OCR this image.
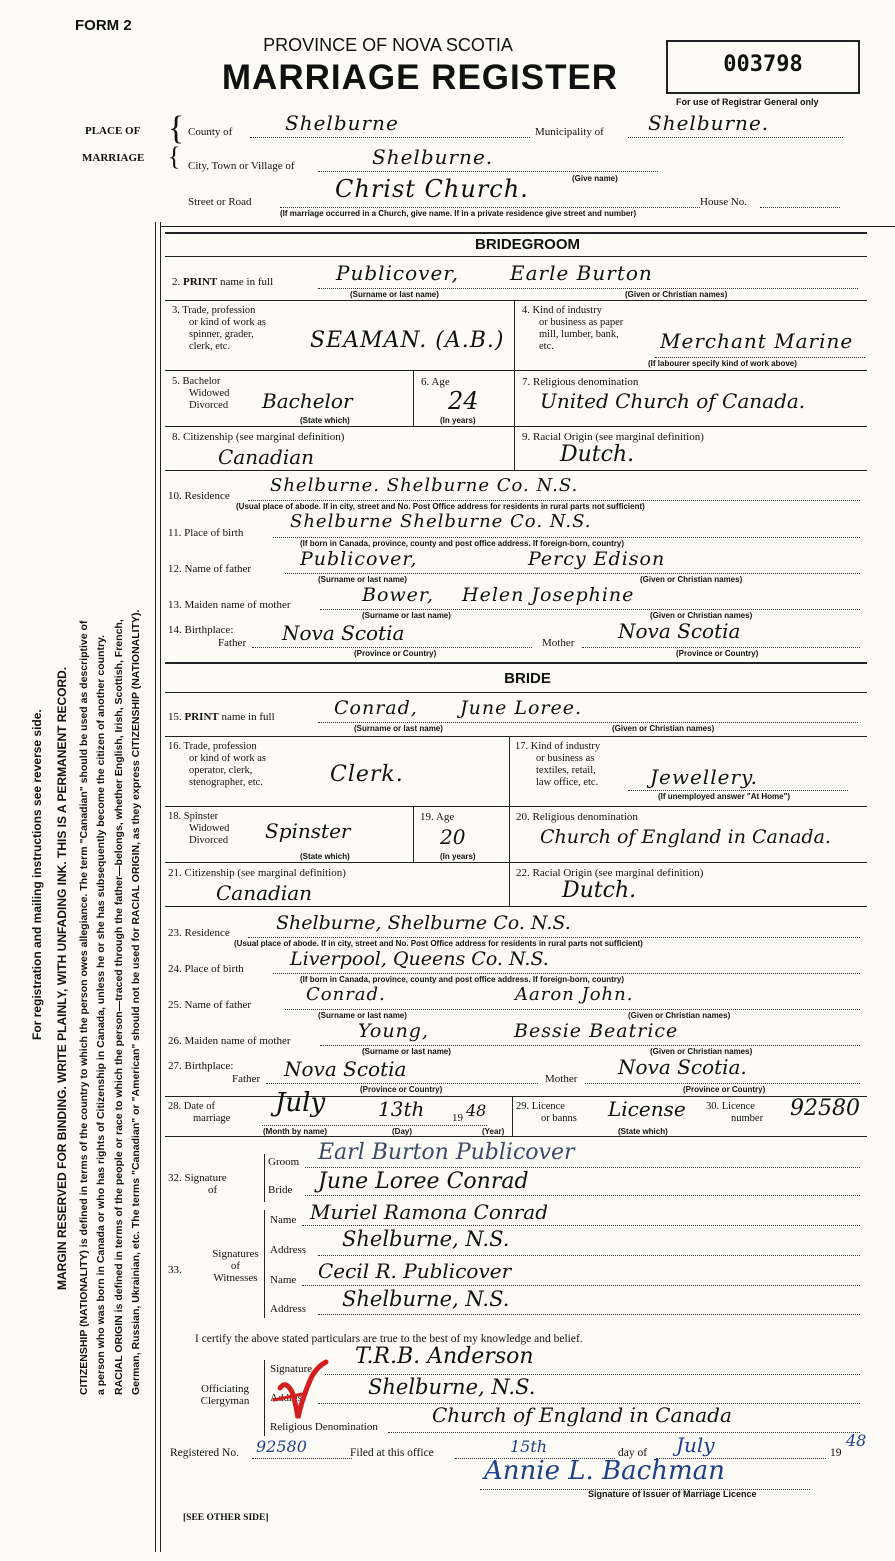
FORM 2
PROVINCE OF NOVA SCOTIA
MARRIAGE REGISTER	003798
For use of Registrar General only
For registration and mailing instructions see reverse side. MARGIN RESERVED FOR BINDING. WRITE PLAINLY, WITH UNFADING INK. THIS IS A PERMANENT RECORD. CITIZENSHIP (NATIONALITY) is defined in terms of the country to which the person owes allegiance. The term "Canadian" should be used as descriptive of a person who was born in Canada or who has rights of Citizenship in Canada, unless he or she has subsequently become the citizen of another country. RACIAL ORIGIN is defined in terms of the people or race to which the person—traced through the father—belongs, whether English, Irish, Scottish, French, German, Russian, Ukrainian, etc. The terms "Canadian" or "American" should not be used for RACIAL ORIGIN, as they express CITIZENSHIP (NATIONALITY).
PLACE OF
MARRIAGE
{
{
County of	Shelburne	Municipality of Shelburne.
City, Town or Village of	Shelburne.
(Give name)
Street or Road	Christ Church.	House No.
(If marriage occurred in a Church, give name. If in a private residence give street and number)
BRIDEGROOM
2. PRINT name in full	Publicover,	Earle Burton
(Surname or last name)	(Given or Christian names)
3. Trade, profession
or kind of work as
spinner, grader,
clerk, etc.	SEAMAN. (A.B.)
4. Kind of industry
or business as paper
mill, lumber, bank,
etc.	Merchant Marine
(If labourer specify kind of work above)
5. Bachelor
Widowed
Divorced Bachelor
(State which)
6. Age
24
(In years)
7. Religious denomination
United Church of Canada.
8. Citizenship (see marginal definition)
Canadian
9. Racial Origin (see marginal definition)
Dutch.
10. Residence Shelburne. Shelburne Co. N.S.
(Usual place of abode. If in city, street and No. Post Office address for residents in rural parts not sufficient)
11. Place of birth
Shelburne Shelburne Co. N.S.
(If born in Canada, province, county and post office address. If foreign-born, country)
12. Name of father	Publicover,	Percy Edison
(Surname or last name)	(Given or Christian names)
13. Maiden name of mother	Bower, Helen Josephine
(Surname or last name)	(Given or Christian names)
14. Birthplace:
Father Nova Scotia	Mother Nova Scotia
(Province or Country)	(Province or Country)
BRIDE
15. PRINT name in full	Conrad, June Loree.
(Surname or last name)	(Given or Christian names)
16. Trade, profession
or kind of work as
operator, clerk,
stenographer, etc.	Clerk.
17. Kind of industry
or business as
textiles, retail,
law office, etc.	Jewellery.
(If unemployed answer "At Home")
18. Spinster
Widowed
Divorced Spinster
(State which)
19. Age
20
(In years)
20. Religious denomination
Church of England in Canada.
21. Citizenship (see marginal definition)
Canadian
22. Racial Origin (see marginal definition)
Dutch.
23. Residence Shelburne, Shelburne Co. N.S.
(Usual place of abode. If in city, street and No. Post Office address for residents in rural parts not sufficient)
24. Place of birth Liverpool, Queens Co. N.S.
(If born in Canada, province, county and post office address. If foreign-born, country)
25. Name of father	Conrad.	Aaron John.
(Surname or last name)	(Given or Christian names)
26. Maiden name of mother	Young,	Bessie Beatrice
(Surname or last name)	(Given or Christian names)
27. Birthplace:
Father Nova Scotia	Mother Nova Scotia.
(Province or Country)	(Province or Country)
28. Date of
marriage
July	13th	19 48
(Month by name)	(Day)	(Year)
29. Licence
or banns License
(State which)
30. Licence
number 92580
32. Signature
of
Groom Earl Burton Publicover
Bride June Loree Conrad
33.
Signatures
of
Witnesses
Name Muriel Ramona Conrad
Address Shelburne, N.S.
Name Cecil R. Publicover
Address Shelburne, N.S.
I certify the above stated particulars are true to the best of my knowledge and belief.
Officiating
Clergyman
Signature T.R.B. Anderson
Address	Shelburne, N.S.
Religious Denomination	Church of England in Canada
Registered No. 92580	Filed at this office	15th	day of July	19
48
Annie L. Bachman
Signature of Issuer of Marriage Licence
[SEE OTHER SIDE]
